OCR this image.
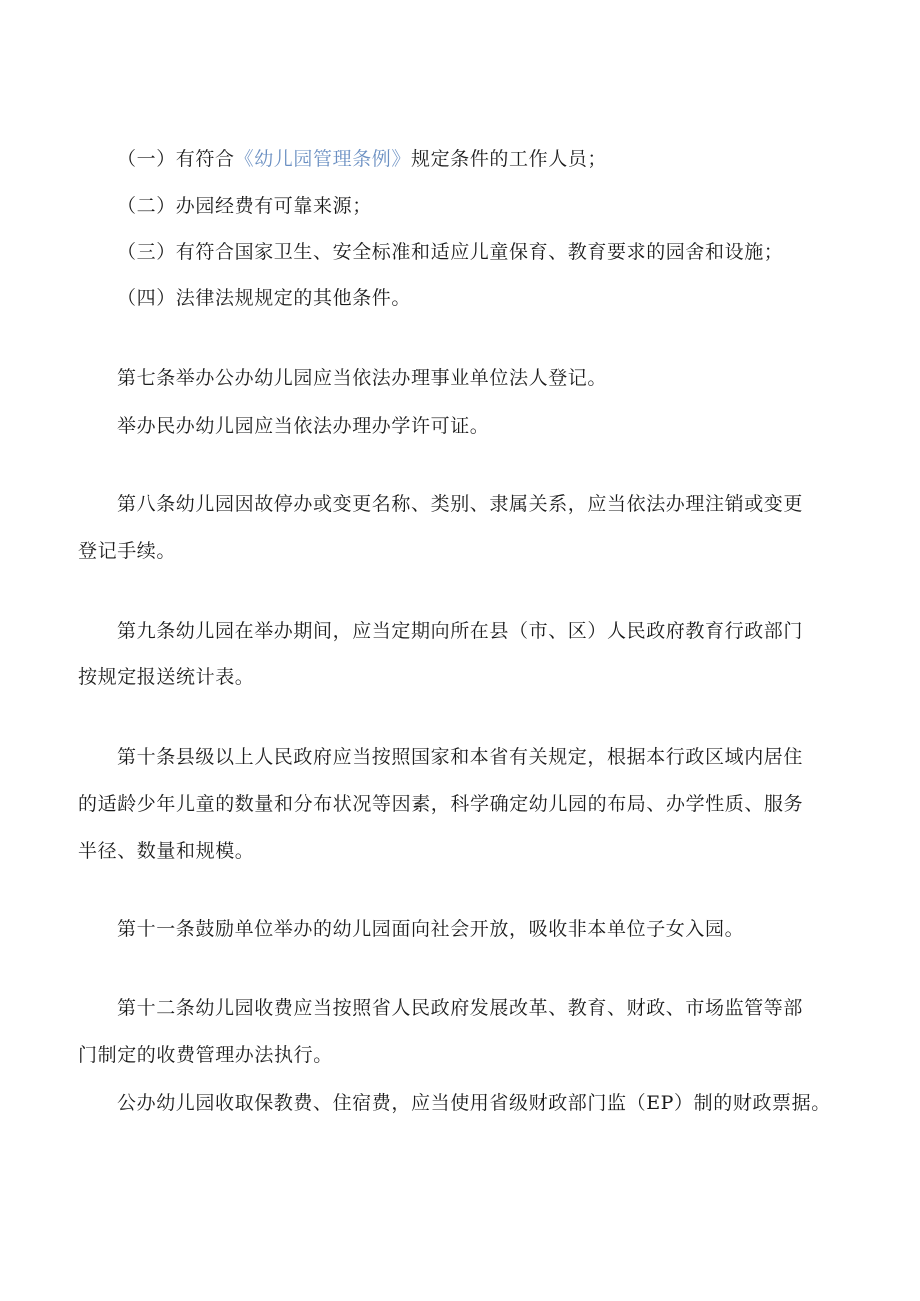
（一）有符合《幼儿园管理条例》规定条件的工作人员；
（二）办园经费有可靠来源；
（三）有符合国家卫生、安全标准和适应儿童保育、教育要求的园舍和设施；
（四）法律法规规定的其他条件。
第七条举办公办幼儿园应当依法办理事业单位法人登记。
举办民办幼儿园应当依法办理办学许可证。
第八条幼儿园因故停办或变更名称、类别、隶属关系，应当依法办理注销或变更
登记手续。
第九条幼儿园在举办期间，应当定期向所在县（市、区）人民政府教育行政部门
按规定报送统计表。
第十条县级以上人民政府应当按照国家和本省有关规定，根据本行政区域内居住
的适龄少年儿童的数量和分布状况等因素，科学确定幼儿园的布局、办学性质、服务
半径、数量和规模。
第十一条鼓励单位举办的幼儿园面向社会开放，吸收非本单位子女入园。
第十二条幼儿园收费应当按照省人民政府发展改革、教育、财政、市场监管等部
门制定的收费管理办法执行。
公办幼儿园收取保教费、住宿费，应当使用省级财政部门监（EP）制的财政票据。
